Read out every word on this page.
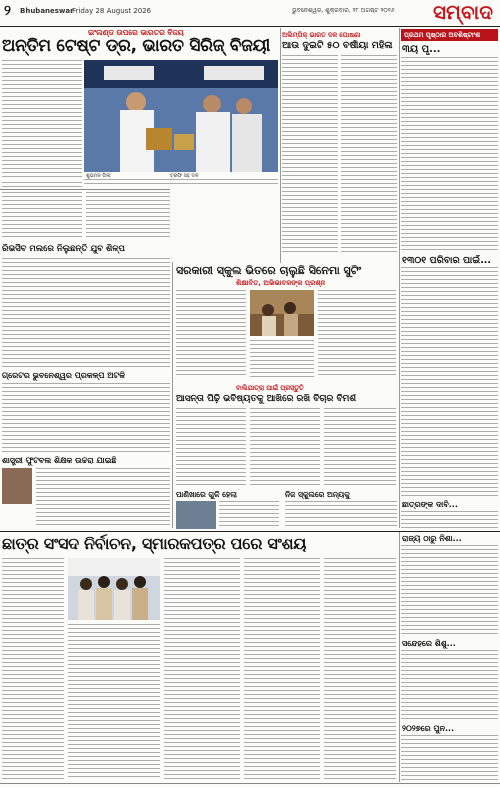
୨	Bhubaneswar
Friday 28 August 2026	ଭୁବନେଶ୍ୱର, ଶୁକ୍ରବାର, ୨୮ ଅଗଷ୍ଟ ୨୦୨୬ ସମ୍ବାଦ
ଇଂଲଣ୍ଡ ଉପରେ ଭାରତର ବିଜୟ
ଅନ୍ତିମ ଟେଷ୍ଟ ଡ୍ର, ଭାରତ ସିରିଜ୍ ବିଜୟୀ
ଶୁଭମନ ଗିଲ୍	ଟ୍ରଫି ସହ ଦଳ
ଅଲିମ୍ପିକ୍ ଭାରତ ଦଳ ଘୋଷଣା
ଆଉ ଦୁଇଟି ୫୦ ବର୍ଷୀୟା ମହିଳା
ପ୍ରଥମ ପୃଷ୍ଠାର ଅବଶିଷ୍ଟାଂଶ
୩ୟ ପୃ...
୧୩୦୧ ପରିବାର ପାଇଁ...
ରିଭର୍ସିବ ମଲରେ ନିଲୁଛନ୍ତି ଯୁବ ଶିଳ୍ପ
ଗ୍ରେଟର ଭୁବନେଶ୍ୱର ପ୍ରକଳ୍ପ ଅଟକି
ଶାସ୍ତ୍ରୀ ଫୁଟବଲ ଶିକ୍ଷକ ଉଚ୍ଚରା ଯାଇଛି
ସରକାରୀ ସ୍କୁଲ ଭିତରେ ଚାଲୁଛି ସିନେମା ସୁଟିଂ
ଶିକ୍ଷାବିତ, ଅଭିଭାବକଙ୍କ ପ୍ରଶ୍ନ
ବାଲିଯାତ୍ରା ପାଇଁ ପ୍ରସ୍ତୁତି
ଆସନ୍ତା ପିଢ଼ି ଭବିଷ୍ୟତକୁ ଆଖିରେ ରଖି ବିଚାର ବିମର୍ଶ
ପାଣିଖାରେ ଗୁଳି ହେଲା	ନିଜ ସ୍କୁଲରେ ଅନ୍ୟକୁ
ଛାତ୍ର ସଂସଦ ନିର୍ବାଚନ, ସ୍ମାରକପତ୍ର ପରେ ସଂଶୟ
ଛାତ୍ରଙ୍କ ଦାବି...
ରାଜ୍ୟ ଠାରୁ ନିଶା...
ସନ୍ଦେହରେ ଶିଶୁ...
୨୦୨୭ରେ ପୁନ...
